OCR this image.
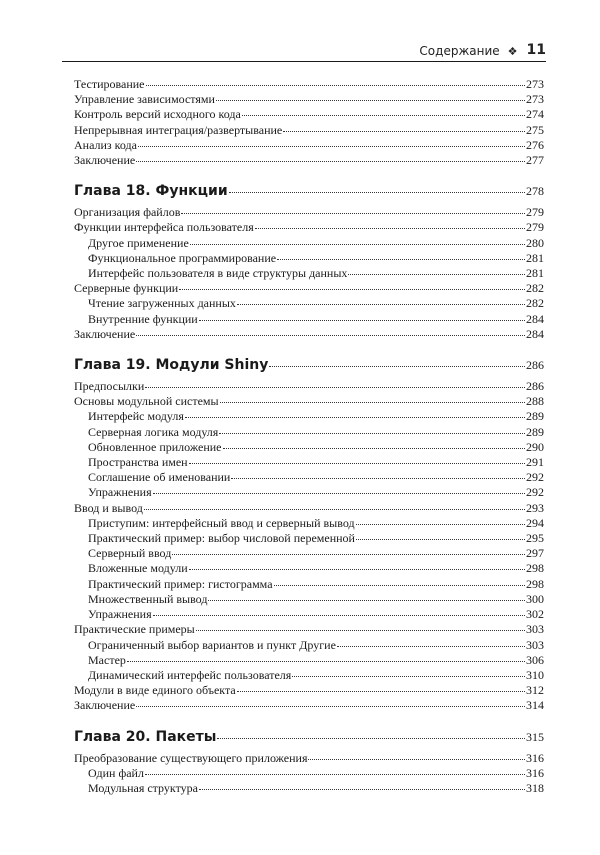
Содержание ❖ 11
Тестирование	273
Управление зависимостями	273
Контроль версий исходного кода	274
Непрерывная интеграция/развертывание	275
Анализ кода	276
Заключение	277
Глава 18. Функции	278
Организация файлов	279
Функции интерфейса пользователя	279
Другое применение	280
Функциональное программирование	281
Интерфейс пользователя в виде структуры данных	281
Серверные функции	282
Чтение загруженных данных	282
Внутренние функции	284
Заключение	284
Глава 19. Модули Shiny	286
Предпосылки	286
Основы модульной системы	288
Интерфейс модуля	289
Серверная логика модуля	289
Обновленное приложение	290
Пространства имен	291
Соглашение об именовании	292
Упражнения	292
Ввод и вывод	293
Приступим: интерфейсный ввод и серверный вывод	294
Практический пример: выбор числовой переменной	295
Серверный ввод	297
Вложенные модули	298
Практический пример: гистограмма	298
Множественный вывод	300
Упражнения	302
Практические примеры	303
Ограниченный выбор вариантов и пункт Другие	303
Мастер	306
Динамический интерфейс пользователя	310
Модули в виде единого объекта	312
Заключение	314
Глава 20. Пакеты	315
Преобразование существующего приложения	316
Один файл	316
Модульная структура	318
